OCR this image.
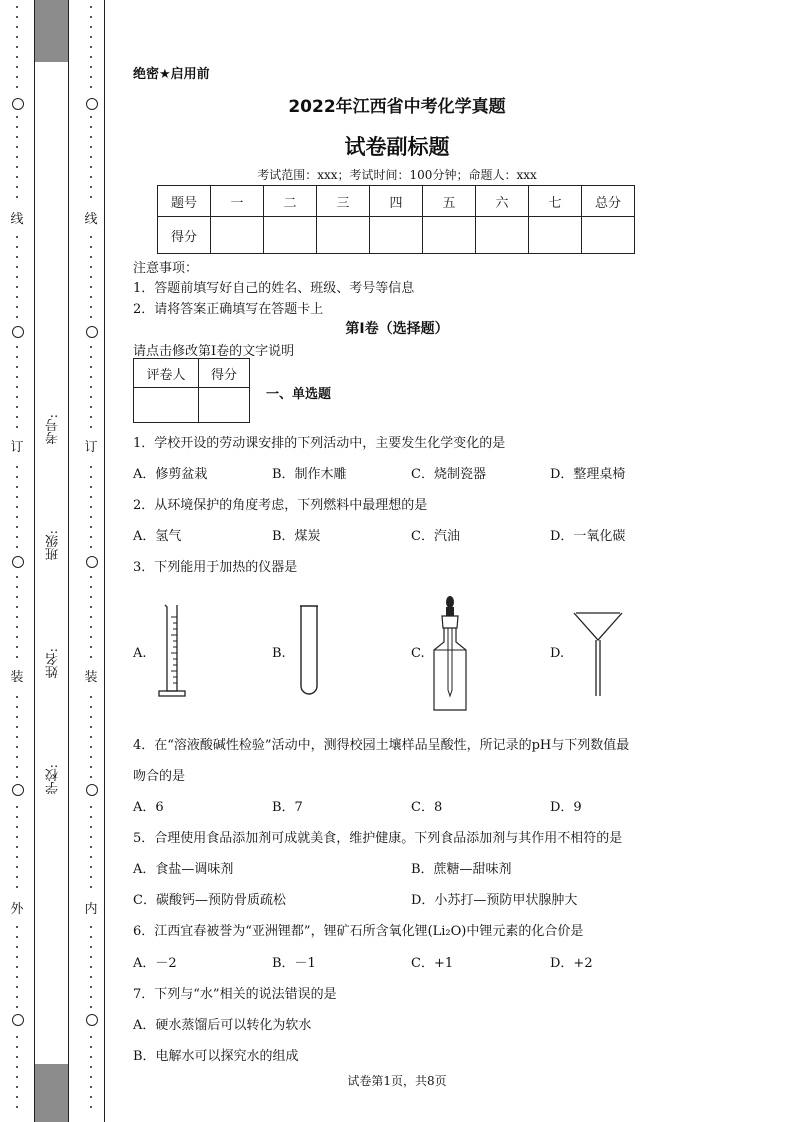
线
订
装
外
线
订
装
内
考号:
班级:
姓名:
学校:
绝密★启用前
2022年江西省中考化学真题
试卷副标题
考试范围：xxx；考试时间：100分钟；命题人：xxx
题号	一	二	三	四	五	六	七	总分
得分								
注意事项：
1．答题前填写好自己的姓名、班级、考号等信息
2．请将答案正确填写在答题卡上
第I卷（选择题）
请点击修改第I卷的文字说明
评卷人	得分

一、单选题
1．学校开设的劳动课安排的下列活动中，主要发生化学变化的是
A．修剪盆栽	B．制作木雕	C．烧制瓷器	D．整理桌椅
2．从环境保护的角度考虑，下列燃料中最理想的是
A．氢气	B．煤炭	C．汽油	D．一氧化碳
3．下列能用于加热的仪器是
A.	B.	C.	D.
4．在“溶液酸碱性检验”活动中，测得校园土壤样品呈酸性，所记录的pH与下列数值最
吻合的是
A．6	B．7	C．8	D．9
5．合理使用食品添加剂可成就美食，维护健康。下列食品添加剂与其作用不相符的是
A．食盐—调味剂	B．蔗糖—甜味剂
C．碳酸钙—预防骨质疏松	D．小苏打—预防甲状腺肿大
6．江西宜春被誉为“亚洲锂都”，锂矿石所含氧化锂(Li₂O)中锂元素的化合价是
A．－2	B．－1	C．+1	D．+2
7．下列与“水”相关的说法错误的是
A．硬水蒸馏后可以转化为软水
B．电解水可以探究水的组成
试卷第1页，共8页
